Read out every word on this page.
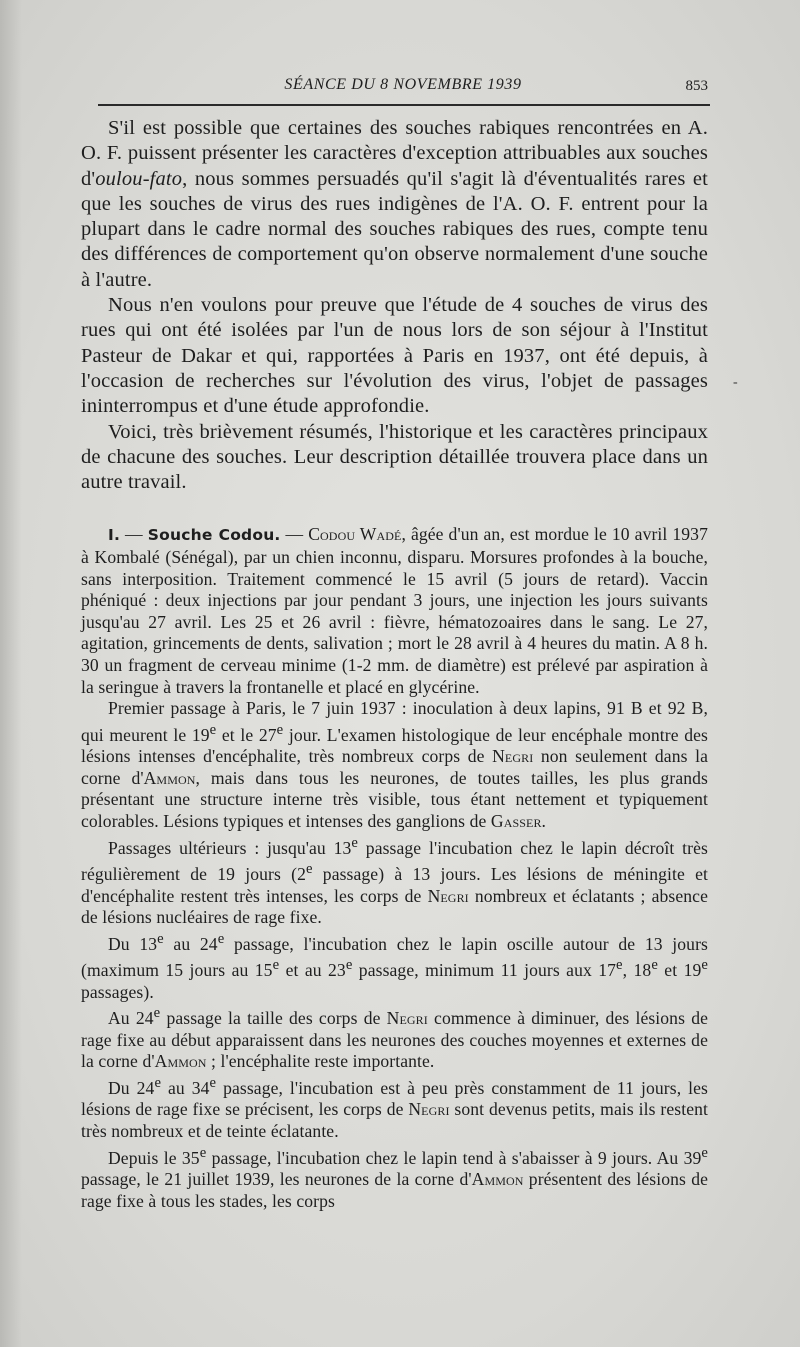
SÉANCE DU 8 NOVEMBRE 1939	853
-

S'il est possible que certaines des souches rabiques rencontrées en A. O. F. puissent présenter les caractères d'exception attribuables aux souches d'oulou-fato, nous sommes persuadés qu'il s'agit là d'éventualités rares et que les souches de virus des rues indigènes de l'A. O. F. entrent pour la plupart dans le cadre normal des souches rabiques des rues, compte tenu des différences de comportement qu'on observe normalement d'une souche à l'autre.

Nous n'en voulons pour preuve que l'étude de 4 souches de virus des rues qui ont été isolées par l'un de nous lors de son séjour à l'Institut Pasteur de Dakar et qui, rapportées à Paris en 1937, ont été depuis, à l'occasion de recherches sur l'évolution des virus, l'objet de passages ininterrompus et d'une étude approfondie.

Voici, très brièvement résumés, l'historique et les caractères principaux de chacune des souches. Leur description détaillée trouvera place dans un autre travail.

I. — Souche Codou. — Codou Wadé, âgée d'un an, est mordue le 10 avril 1937 à Kombalé (Sénégal), par un chien inconnu, disparu. Morsures profondes à la bouche, sans interposition. Traitement commencé le 15 avril (5 jours de retard). Vaccin phéniqué : deux injections par jour pendant 3 jours, une injection les jours suivants jusqu'au 27 avril. Les 25 et 26 avril : fièvre, hématozoaires dans le sang. Le 27, agitation, grincements de dents, salivation ; mort le 28 avril à 4 heures du matin. A 8 h. 30 un fragment de cerveau minime (1-2 mm. de diamètre) est prélevé par aspiration à la seringue à travers la frontanelle et placé en glycérine.

Premier passage à Paris, le 7 juin 1937 : inoculation à deux lapins, 91 B et 92 B, qui meurent le 19e et le 27e jour. L'examen histologique de leur encéphale montre des lésions intenses d'encéphalite, très nombreux corps de Negri non seulement dans la corne d'Ammon, mais dans tous les neurones, de toutes tailles, les plus grands présentant une structure interne très visible, tous étant nettement et typiquement colorables. Lésions typiques et intenses des ganglions de Gasser.

Passages ultérieurs : jusqu'au 13e passage l'incubation chez le lapin décroît très régulièrement de 19 jours (2e passage) à 13 jours. Les lésions de méningite et d'encéphalite restent très intenses, les corps de Negri nombreux et éclatants ; absence de lésions nucléaires de rage fixe.

Du 13e au 24e passage, l'incubation chez le lapin oscille autour de 13 jours (maximum 15 jours au 15e et au 23e passage, minimum 11 jours aux 17e, 18e et 19e passages).

Au 24e passage la taille des corps de Negri commence à diminuer, des lésions de rage fixe au début apparaissent dans les neurones des couches moyennes et externes de la corne d'Ammon ; l'encéphalite reste importante.

Du 24e au 34e passage, l'incubation est à peu près constamment de 11 jours, les lésions de rage fixe se précisent, les corps de Negri sont devenus petits, mais ils restent très nombreux et de teinte éclatante.

Depuis le 35e passage, l'incubation chez le lapin tend à s'abaisser à 9 jours. Au 39e passage, le 21 juillet 1939, les neurones de la corne d'Ammon présentent des lésions de rage fixe à tous les stades, les corps
